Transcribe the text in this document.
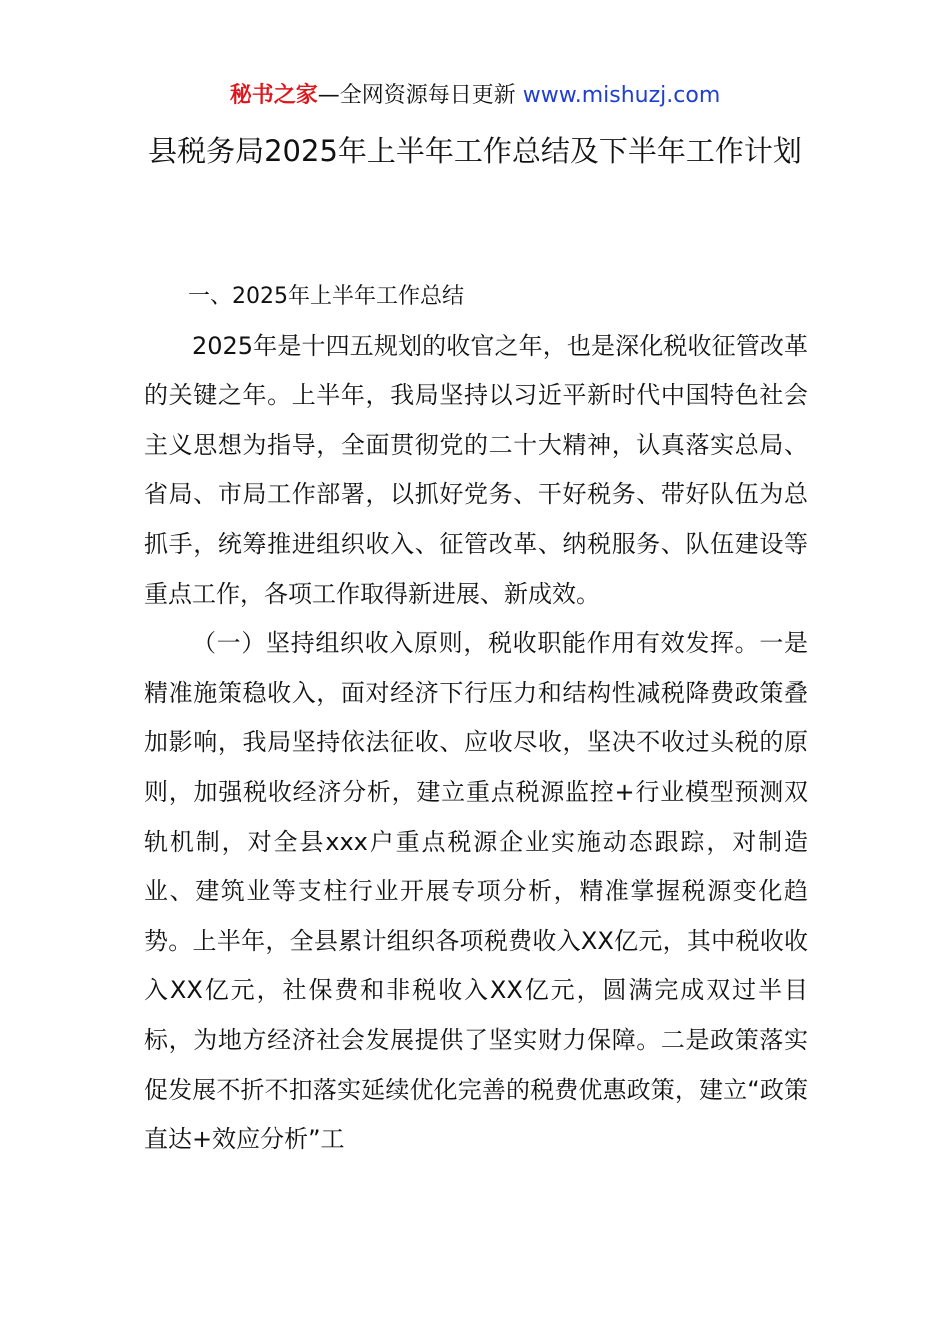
秘书之家—全网资源每日更新 www.mishuzj.com
县税务局2025年上半年工作总结及下半年工作计划

一、2025年上半年工作总结

2025年是十四五规划的收官之年，也是深化税收征管改革的关键之年。上半年，我局坚持以习近平新时代中国特色社会主义思想为指导，全面贯彻党的二十大精神，认真落实总局、省局、市局工作部署，以抓好党务、干好税务、带好队伍为总抓手，统筹推进组织收入、征管改革、纳税服务、队伍建设等重点工作，各项工作取得新进展、新成效。

（一）坚持组织收入原则，税收职能作用有效发挥。一是精准施策稳收入，面对经济下行压力和结构性减税降费政策叠加影响，我局坚持依法征收、应收尽收，坚决不收过头税的原则，加强税收经济分析，建立重点税源监控+行业模型预测双轨机制，对全县xxx户重点税源企业实施动态跟踪，对制造业、建筑业等支柱行业开展专项分析，精准掌握税源变化趋势。上半年，全县累计组织各项税费收入XX亿元，其中税收收入XX亿元，社保费和非税收入XX亿元，圆满完成双过半目标，为地方经济社会发展提供了坚实财力保障。二是政策落实促发展不折不扣落实延续优化完善的税费优惠政策，建立“政策直达+效应分析”工
